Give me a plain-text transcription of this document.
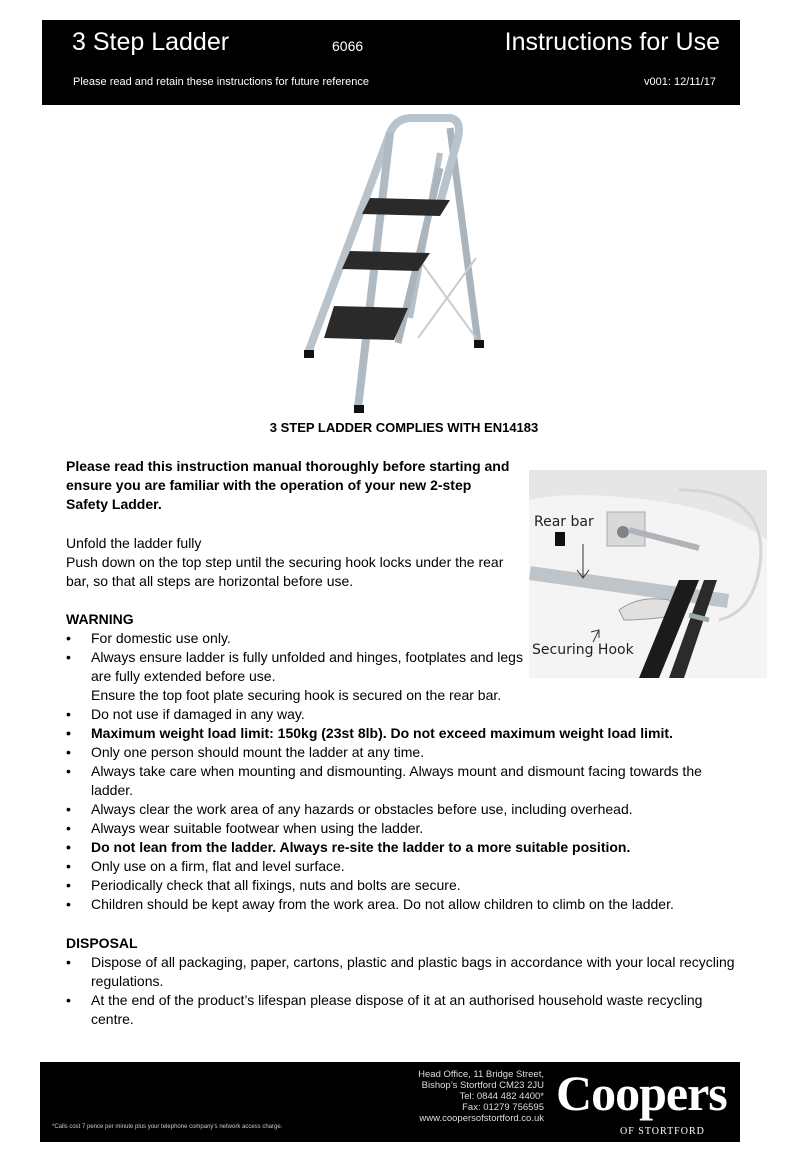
3 Step Ladder	6066	Instructions for Use
Please read and retain these instructions for future reference	v001: 12/11/17
3 STEP LADDER COMPLIES WITH EN14183
Please read this instruction manual thoroughly before starting and ensure you are familiar with the operation of your new 2-step Safety Ladder.

Unfold the ladder fully

Push down on the top step until the securing hook locks under the rear bar, so that all steps are horizontal before use.

Rear bar
Securing Hook
WARNING
• For domestic use only.
• Always ensure ladder is fully unfolded and hinges, footplates and legs are fully extended before use.
Ensure the top foot plate securing hook is secured on the rear bar.
• Do not use if damaged in any way.
• Maximum weight load limit: 150kg (23st 8lb). Do not exceed maximum weight load limit.
• Only one person should mount the ladder at any time.
• Always take care when mounting and dismounting. Always mount and dismount facing towards the ladder.
• Always clear the work area of any hazards or obstacles before use, including overhead.
• Always wear suitable footwear when using the ladder.
• Do not lean from the ladder. Always re-site the ladder to a more suitable position.
• Only use on a firm, flat and level surface.
• Periodically check that all fixings, nuts and bolts are secure.
• Children should be kept away from the work area. Do not allow children to climb on the ladder.
DISPOSAL
• Dispose of all packaging, paper, cartons, plastic and plastic bags in accordance with your local recycling regulations.
• At the end of the product’s lifespan please dispose of it at an authorised household waste recycling centre.
Head Office, 11 Bridge Street,
Bishop’s Stortford CM23 2JU
Tel: 0844 482 4400*
Fax: 01279 756595
www.coopersofstortford.co.uk
*Calls cost 7 pence per minute plus your telephone company’s network access charge.
Coopers
OF STORTFORD
